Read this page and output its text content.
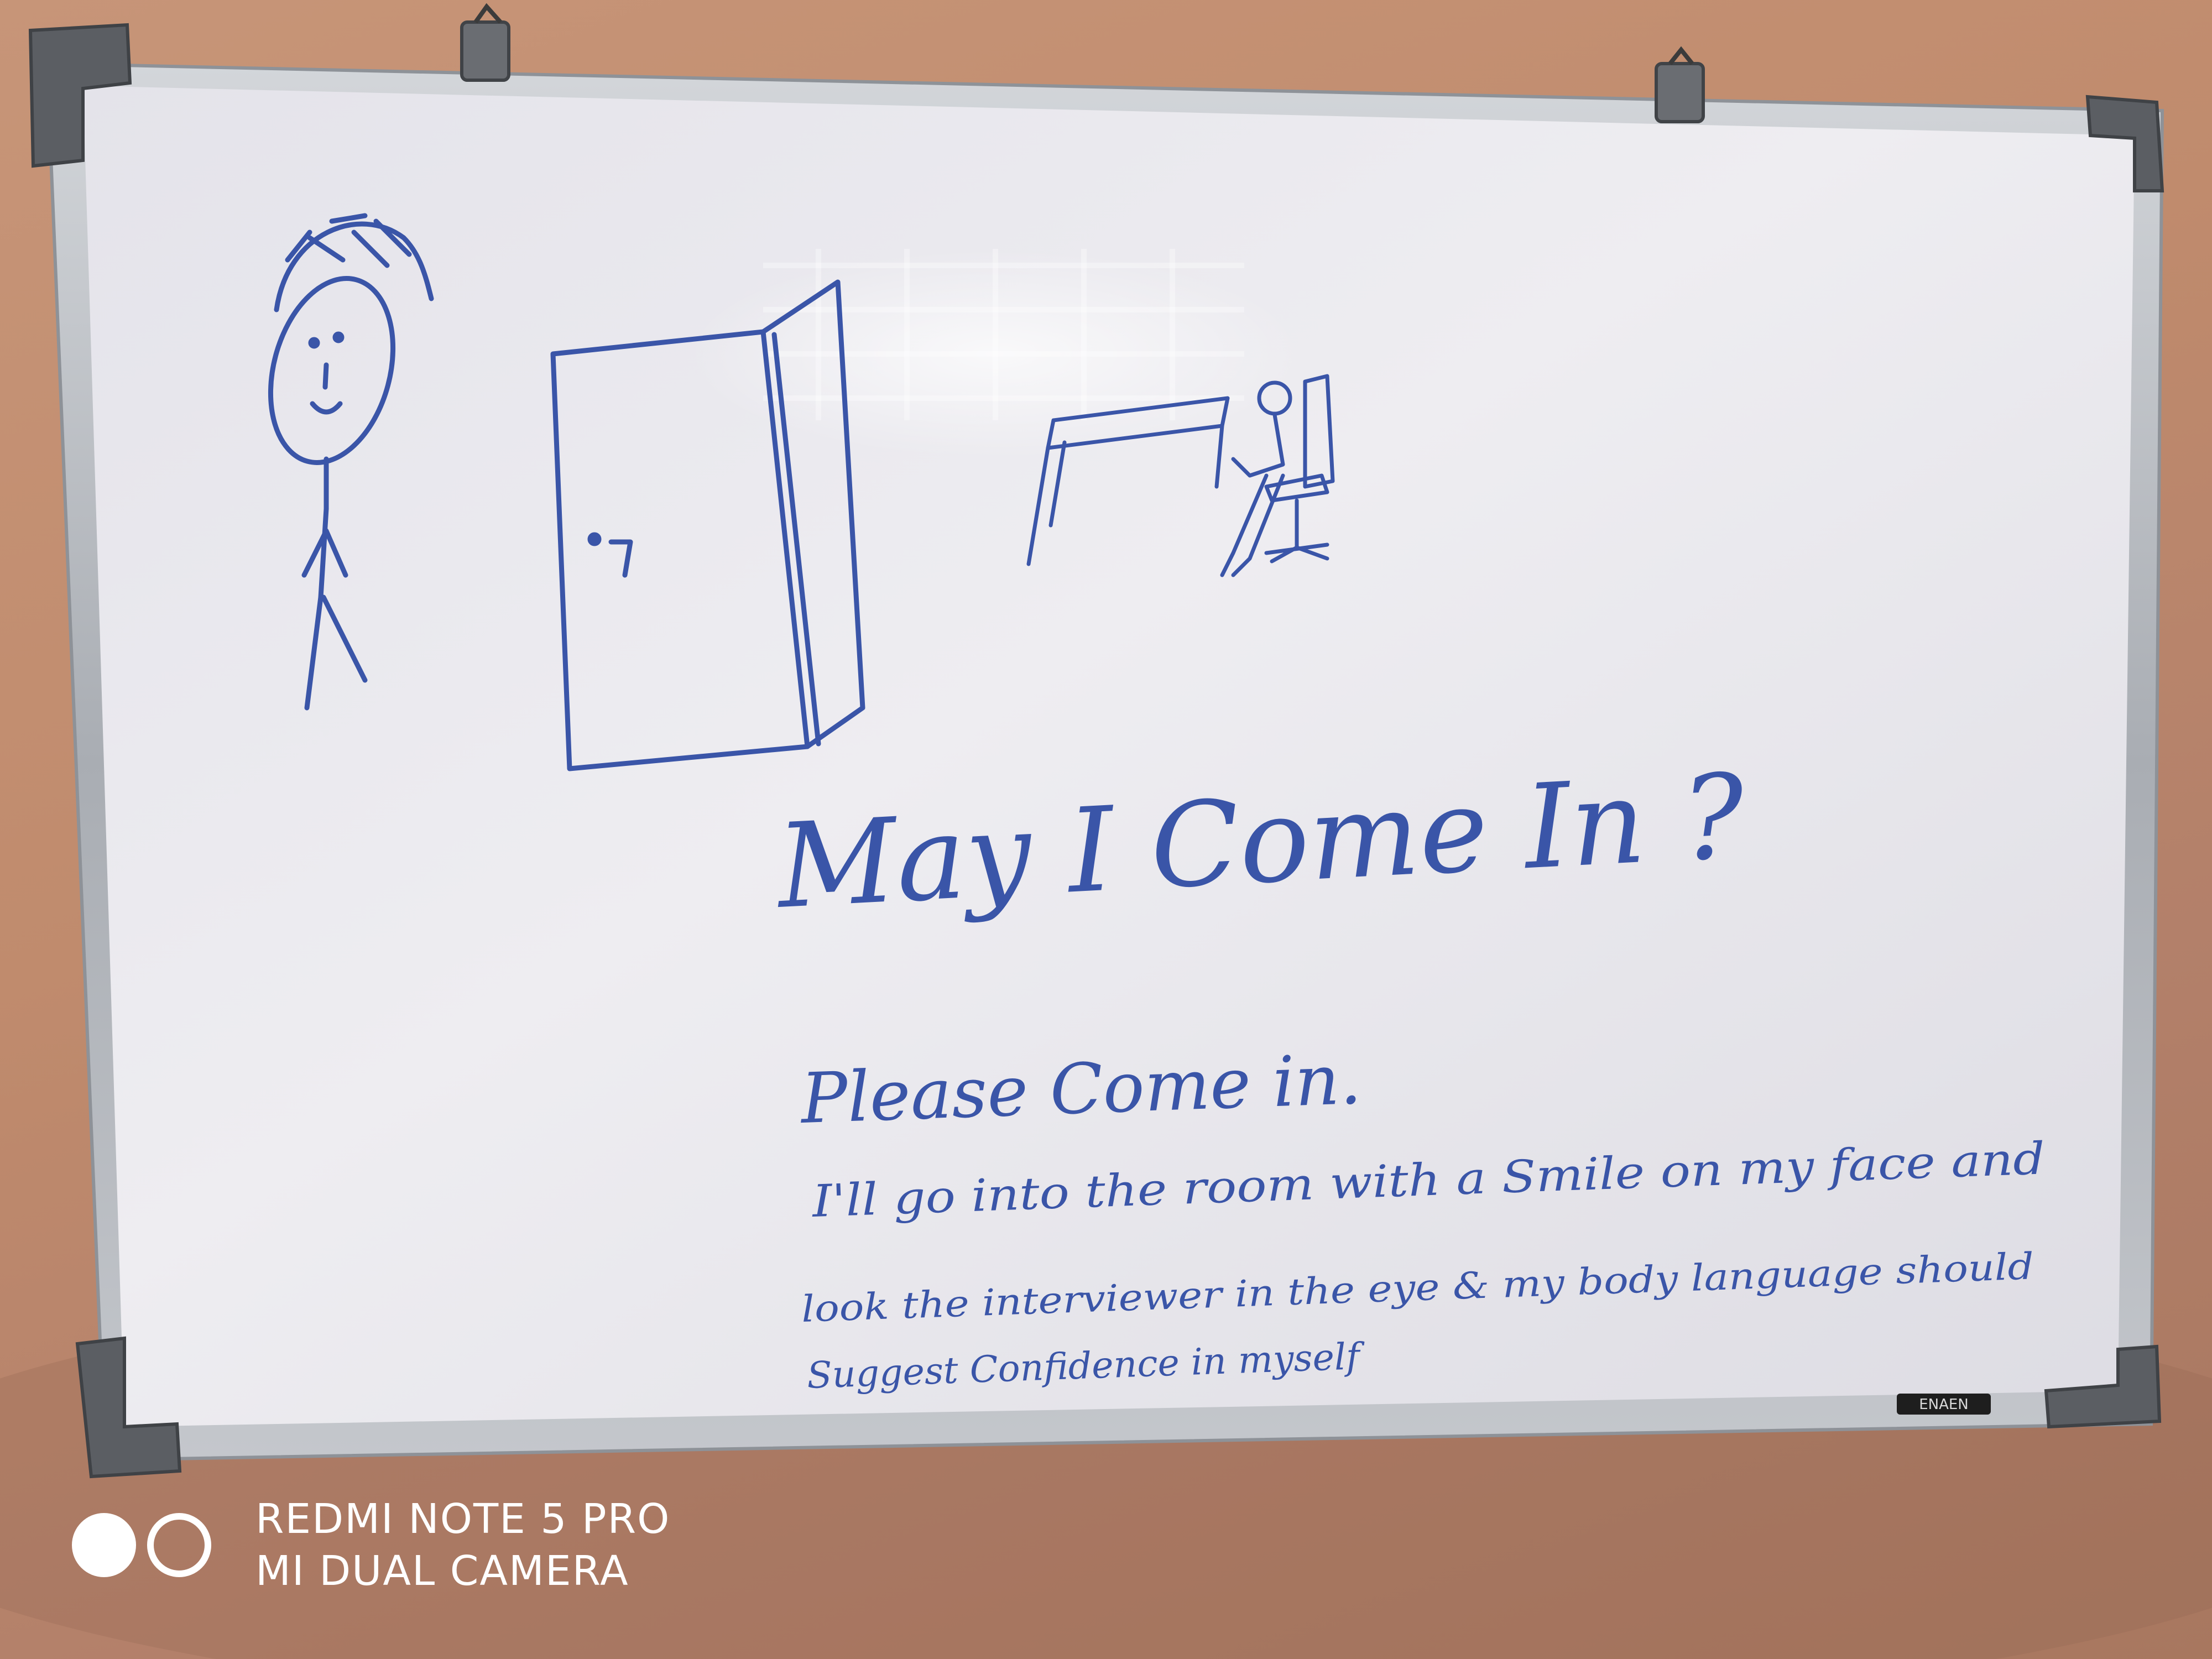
May I Come In ?
Please Come in.
I'll go into the room with a Smile on my face and
look the interviewer in the eye & my body language should
Suggest Confidence in myself
ENAEN
REDMI NOTE 5 PRO
MI DUAL CAMERA
